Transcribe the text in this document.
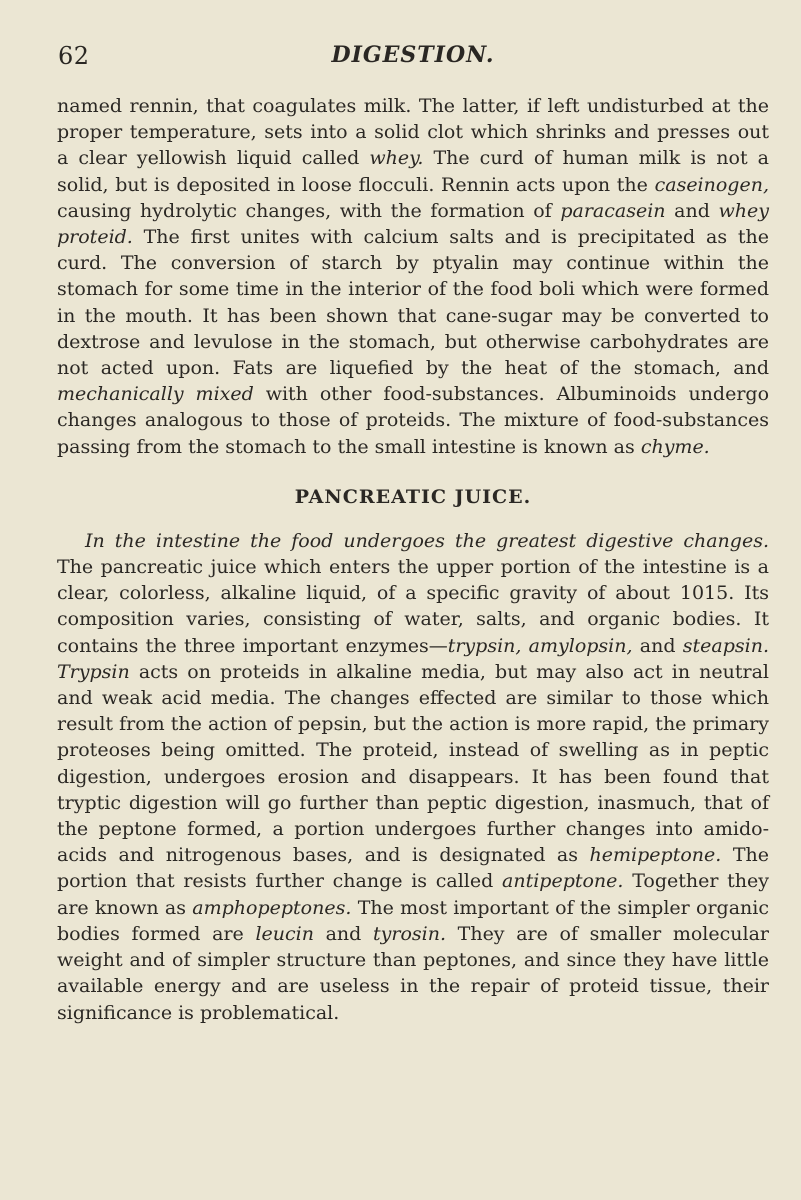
62	DIGESTION.

named rennin, that coagulates milk. The latter, if left undisturbed at the proper temperature, sets into a solid clot which shrinks and presses out a clear yellowish liquid called whey. The curd of human milk is not a solid, but is deposited in loose flocculi. Rennin acts upon the caseinogen, causing hydrolytic changes, with the formation of paracasein and whey proteid. The first unites with calcium salts and is precipitated as the curd. The conversion of starch by ptyalin may continue within the stomach for some time in the interior of the food boli which were formed in the mouth. It has been shown that cane-sugar may be converted to dextrose and levulose in the stomach, but otherwise carbohydrates are not acted upon. Fats are liquefied by the heat of the stomach, and mechanically mixed with other food-substances. Albuminoids undergo changes analogous to those of proteids. The mixture of food-substances passing from the stomach to the small intestine is known as chyme.

PANCREATIC JUICE.

In the intestine the food undergoes the greatest digestive changes. The pancreatic juice which enters the upper portion of the intestine is a clear, colorless, alkaline liquid, of a specific gravity of about 1015. Its composition varies, consisting of water, salts, and organic bodies. It contains the three important enzymes—trypsin, amylopsin, and steapsin. Trypsin acts on proteids in alkaline media, but may also act in neutral and weak acid media. The changes effected are similar to those which result from the action of pepsin, but the action is more rapid, the primary proteoses being omitted. The proteid, instead of swelling as in peptic digestion, undergoes erosion and disappears. It has been found that tryptic digestion will go further than peptic digestion, inasmuch, that of the peptone formed, a portion undergoes further changes into amido-acids and nitrogenous bases, and is designated as hemipeptone. The portion that resists further change is called antipeptone. Together they are known as amphopeptones. The most important of the simpler organic bodies formed are leucin and tyrosin. They are of smaller molecular weight and of simpler structure than peptones, and since they have little available energy and are useless in the repair of proteid tissue, their significance is problematical.
